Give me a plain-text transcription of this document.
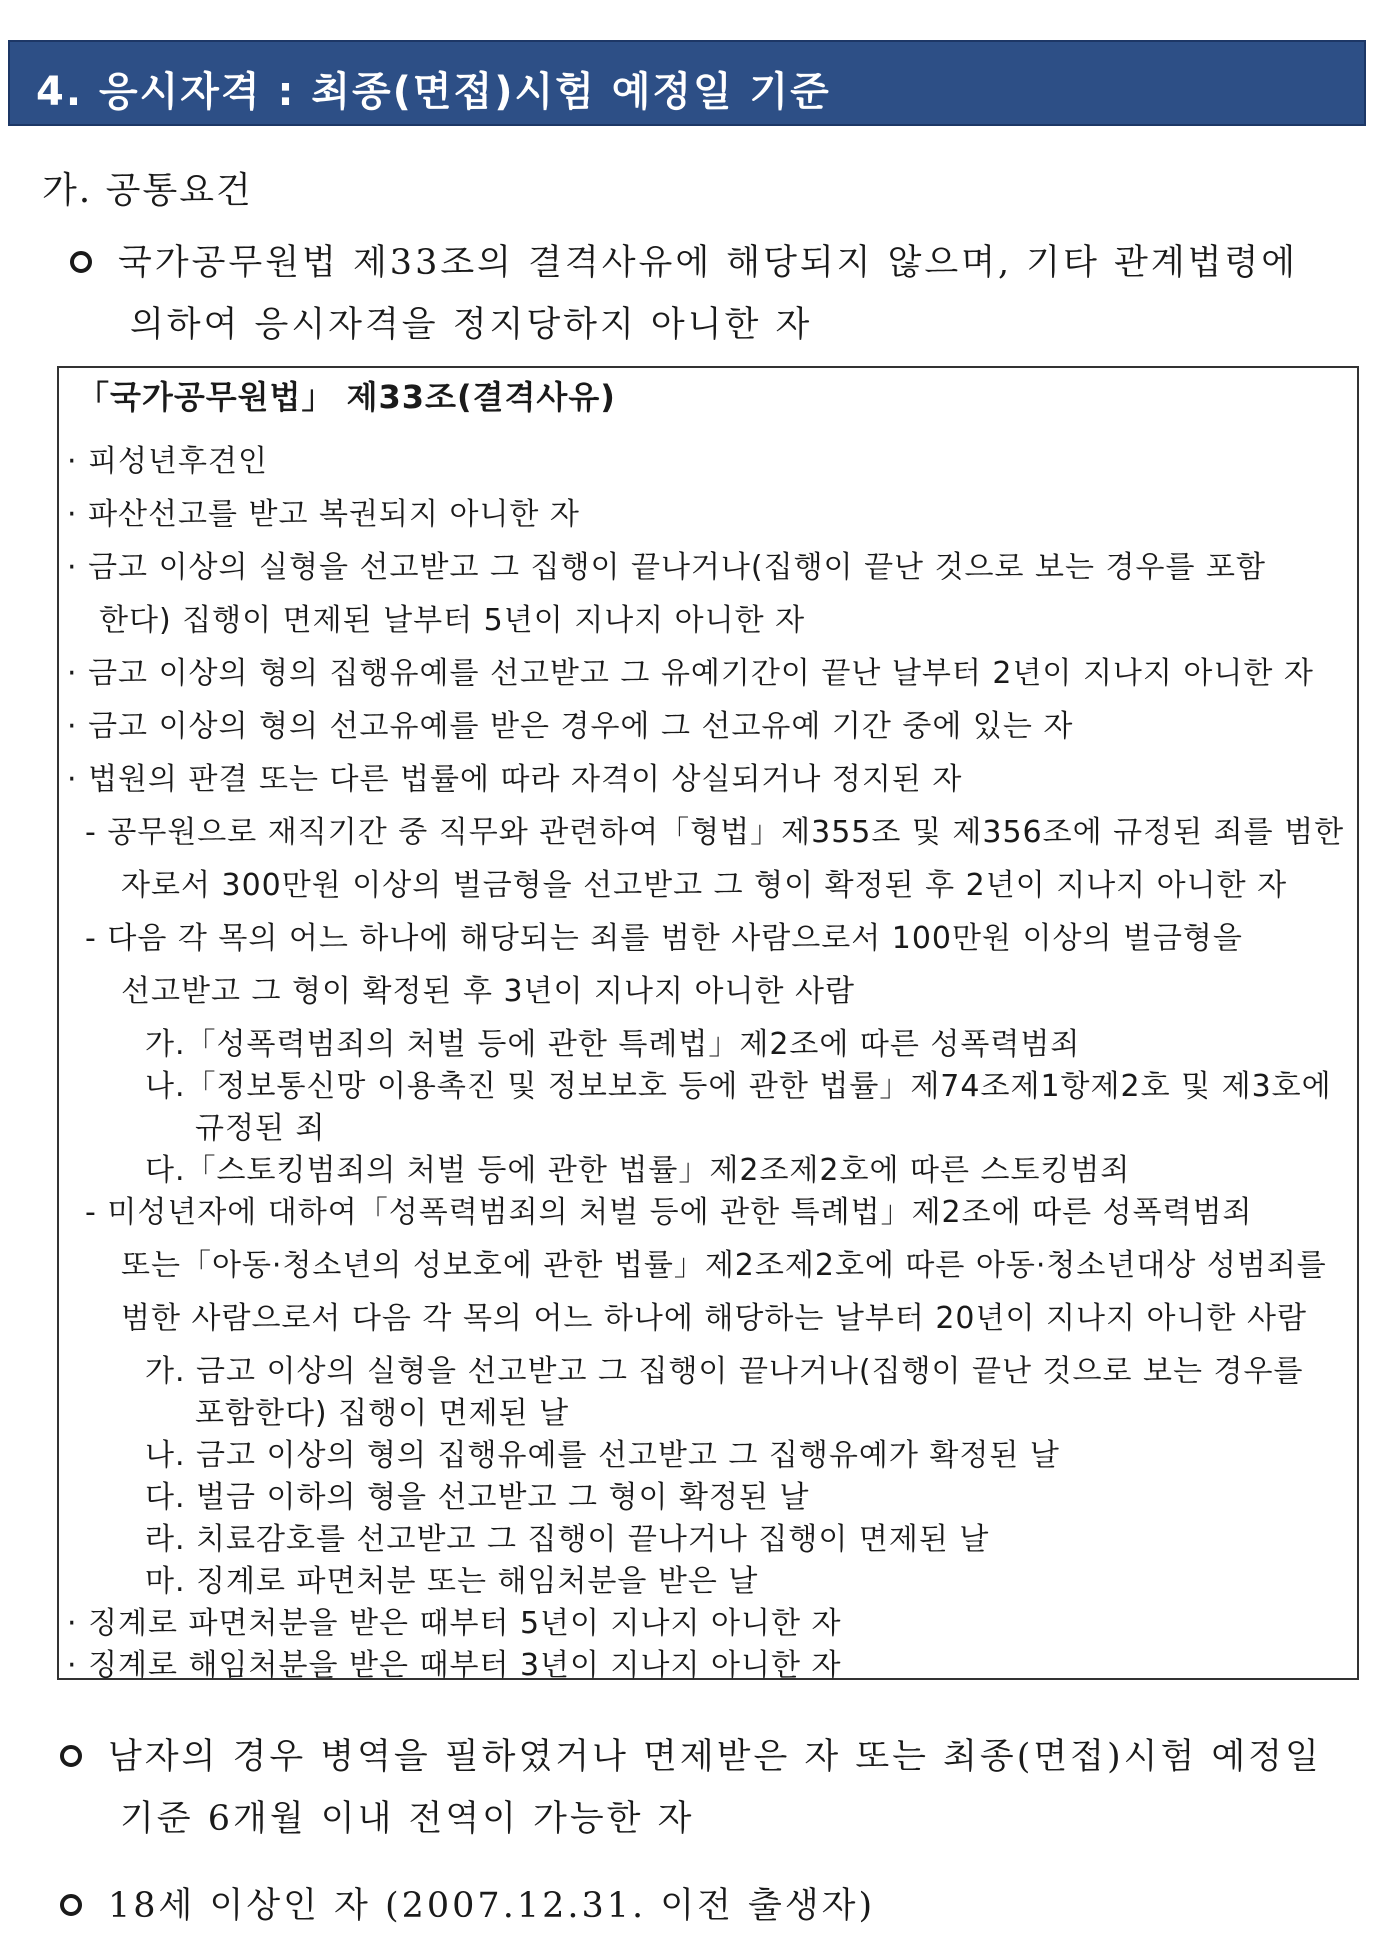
4. 응시자격 : 최종(면접)시험 예정일 기준
가. 공통요건
국가공무원법 제33조의 결격사유에 해당되지 않으며, 기타 관계법령에
의하여 응시자격을 정지당하지 아니한 자
「국가공무원법」 제33조(결격사유)
· 피성년후견인
· 파산선고를 받고 복권되지 아니한 자
· 금고 이상의 실형을 선고받고 그 집행이 끝나거나(집행이 끝난 것으로 보는 경우를 포함
한다) 집행이 면제된 날부터 5년이 지나지 아니한 자
· 금고 이상의 형의 집행유예를 선고받고 그 유예기간이 끝난 날부터 2년이 지나지 아니한 자
· 금고 이상의 형의 선고유예를 받은 경우에 그 선고유예 기간 중에 있는 자
· 법원의 판결 또는 다른 법률에 따라 자격이 상실되거나 정지된 자
- 공무원으로 재직기간 중 직무와 관련하여「형법」제355조 및 제356조에 규정된 죄를 범한
자로서 300만원 이상의 벌금형을 선고받고 그 형이 확정된 후 2년이 지나지 아니한 자
- 다음 각 목의 어느 하나에 해당되는 죄를 범한 사람으로서 100만원 이상의 벌금형을
선고받고 그 형이 확정된 후 3년이 지나지 아니한 사람
가.「성폭력범죄의 처벌 등에 관한 특례법」제2조에 따른 성폭력범죄
나.「정보통신망 이용촉진 및 정보보호 등에 관한 법률」제74조제1항제2호 및 제3호에
규정된 죄
다.「스토킹범죄의 처벌 등에 관한 법률」제2조제2호에 따른 스토킹범죄
- 미성년자에 대하여「성폭력범죄의 처벌 등에 관한 특례법」제2조에 따른 성폭력범죄
또는「아동·청소년의 성보호에 관한 법률」제2조제2호에 따른 아동·청소년대상 성범죄를
범한 사람으로서 다음 각 목의 어느 하나에 해당하는 날부터 20년이 지나지 아니한 사람
가. 금고 이상의 실형을 선고받고 그 집행이 끝나거나(집행이 끝난 것으로 보는 경우를
포함한다) 집행이 면제된 날
나. 금고 이상의 형의 집행유예를 선고받고 그 집행유예가 확정된 날
다. 벌금 이하의 형을 선고받고 그 형이 확정된 날
라. 치료감호를 선고받고 그 집행이 끝나거나 집행이 면제된 날
마. 징계로 파면처분 또는 해임처분을 받은 날
· 징계로 파면처분을 받은 때부터 5년이 지나지 아니한 자
· 징계로 해임처분을 받은 때부터 3년이 지나지 아니한 자
남자의 경우 병역을 필하였거나 면제받은 자 또는 최종(면접)시험 예정일
기준 6개월 이내 전역이 가능한 자
18세 이상인 자 (2007.12.31. 이전 출생자)
